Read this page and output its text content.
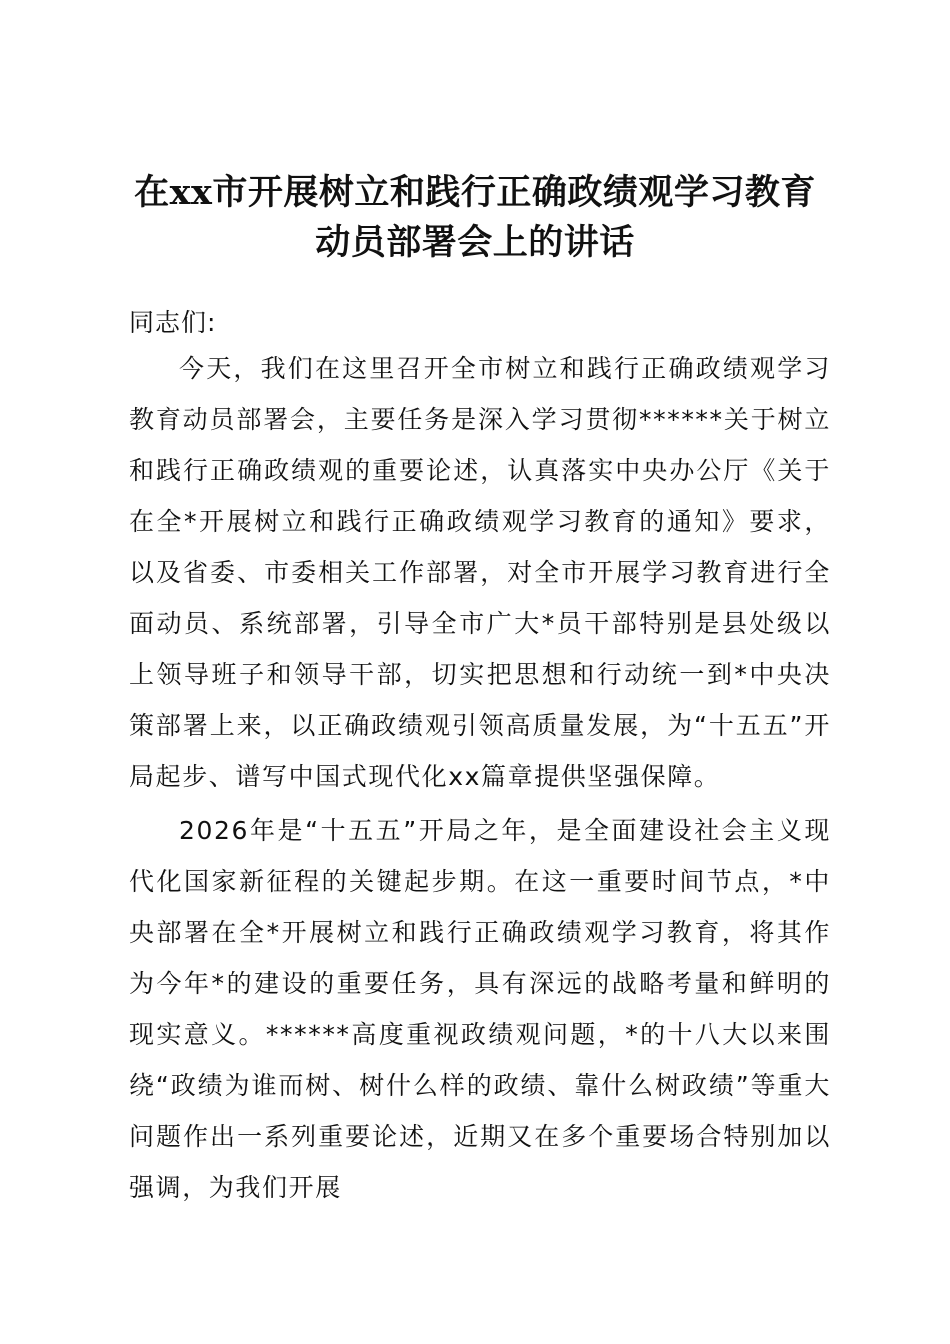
在xx市开展树立和践行正确政绩观学习教育
动员部署会上的讲话

同志们:

今天，我们在这里召开全市树立和践行正确政绩观学习教育动员部署会，主要任务是深入学习贯彻******关于树立和践行正确政绩观的重要论述，认真落实中央办公厅《关于在全*开展树立和践行正确政绩观学习教育的通知》要求，以及省委、市委相关工作部署，对全市开展学习教育进行全面动员、系统部署，引导全市广大*员干部特别是县处级以上领导班子和领导干部，切实把思想和行动统一到*中央决策部署上来，以正确政绩观引领高质量发展，为“十五五”开局起步、谱写中国式现代化xx篇章提供坚强保障。

2026年是“十五五”开局之年，是全面建设社会主义现代化国家新征程的关键起步期。在这一重要时间节点，*中央部署在全*开展树立和践行正确政绩观学习教育，将其作为今年*的建设的重要任务，具有深远的战略考量和鲜明的现实意义。******高度重视政绩观问题，*的十八大以来围绕“政绩为谁而树、树什么样的政绩、靠什么树政绩”等重大问题作出一系列重要论述，近期又在多个重要场合特别加以强调，为我们开展
